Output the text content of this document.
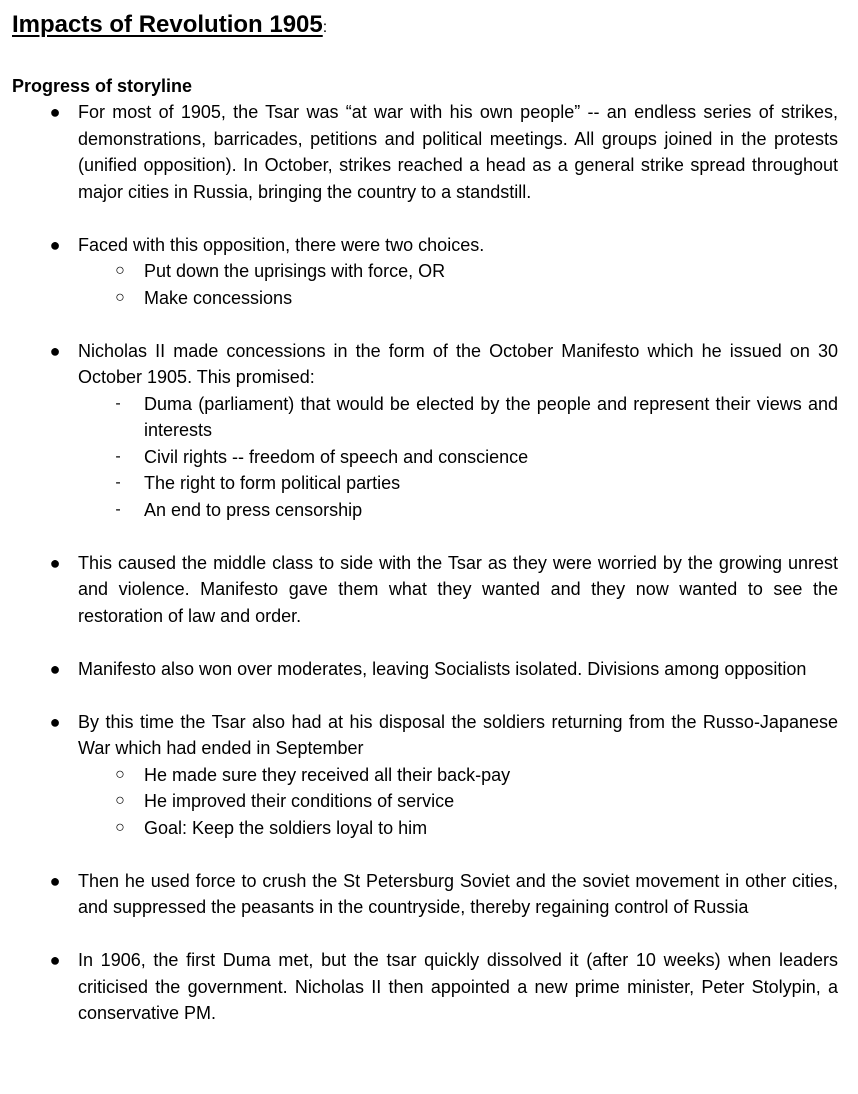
Impacts of Revolution 1905:
Progress of storyline
● For most of 1905, the Tsar was “at war with his own people” -- an endless series of strikes, demonstrations, barricades, petitions and political meetings. All groups joined in the protests (unified opposition). In October, strikes reached a head as a general strike spread throughout major cities in Russia, bringing the country to a standstill.
● Faced with this opposition, there were two choices.
○ Put down the uprisings with force, OR
○ Make concessions
● Nicholas II made concessions in the form of the October Manifesto which he issued on 30 October 1905. This promised:
-	Duma (parliament) that would be elected by the people and represent their views and interests
-	Civil rights -- freedom of speech and conscience
-	The right to form political parties
-	An end to press censorship
● This caused the middle class to side with the Tsar as they were worried by the growing unrest and violence. Manifesto gave them what they wanted and they now wanted to see the restoration of law and order.
● Manifesto also won over moderates, leaving Socialists isolated. Divisions among opposition
● By this time the Tsar also had at his disposal the soldiers returning from the Russo-Japanese War which had ended in September
○ He made sure they received all their back-pay
○ He improved their conditions of service
○ Goal: Keep the soldiers loyal to him
● Then he used force to crush the St Petersburg Soviet and the soviet movement in other cities, and suppressed the peasants in the countryside, thereby regaining control of Russia
● In 1906, the first Duma met, but the tsar quickly dissolved it (after 10 weeks) when leaders criticised the government. Nicholas II then appointed a new prime minister, Peter Stolypin, a conservative PM.
